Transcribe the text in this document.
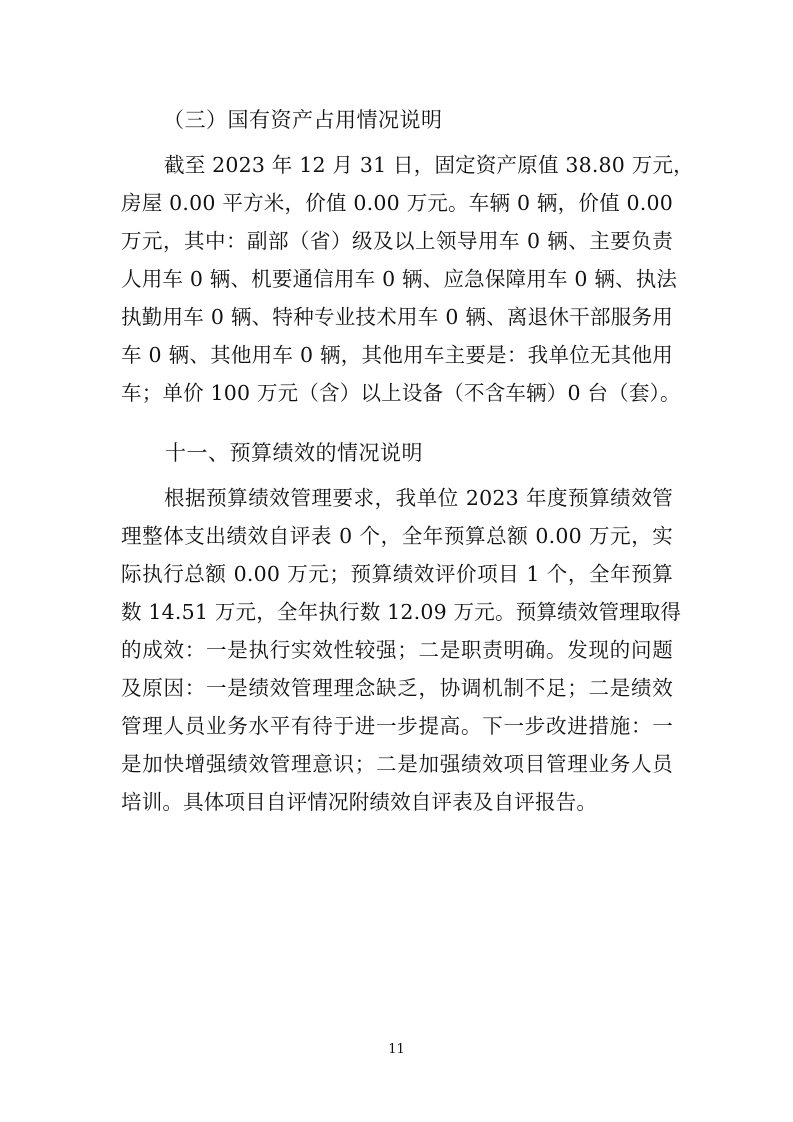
（三）国有资产占用情况说明
截至 2023 年 12 月 31 日，固定资产原值 38.80 万元，
房屋 0.00 平方米，价值 0.00 万元。车辆 0 辆，价值 0.00
万元，其中：副部（省）级及以上领导用车 0 辆、主要负责
人用车 0 辆、机要通信用车 0 辆、应急保障用车 0 辆、执法
执勤用车 0 辆、特种专业技术用车 0 辆、离退休干部服务用
车 0 辆、其他用车 0 辆，其他用车主要是：我单位无其他用
车；单价 100 万元（含）以上设备（不含车辆）0 台（套）。
十一、预算绩效的情况说明
根据预算绩效管理要求，我单位 2023 年度预算绩效管
理整体支出绩效自评表 0 个，全年预算总额 0.00 万元，实
际执行总额 0.00 万元；预算绩效评价项目 1 个，全年预算
数 14.51 万元，全年执行数 12.09 万元。预算绩效管理取得
的成效：一是执行实效性较强；二是职责明确。发现的问题
及原因：一是绩效管理理念缺乏，协调机制不足；二是绩效
管理人员业务水平有待于进一步提高。下一步改进措施：一
是加快增强绩效管理意识；二是加强绩效项目管理业务人员
培训。具体项目自评情况附绩效自评表及自评报告。
11
